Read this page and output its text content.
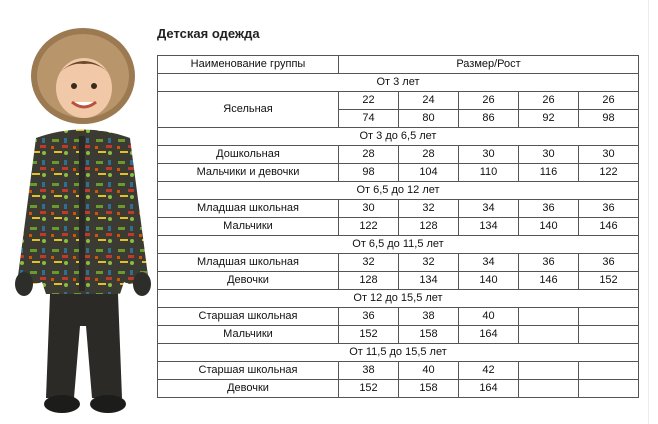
Детская одежда
Наименование группы	Размер/Рост				
От 3 лет					
Ясельная	22	24	26	26	26
	74	80	86	92	98
От 3 до 6,5 лет					
Дошкольная	28	28	30	30	30
Мальчики и девочки	98	104	110	116	122
От 6,5 до 12 лет					
Младшая школьная	30	32	34	36	36
Мальчики	122	128	134	140	146
От 6,5 до 11,5 лет					
Младшая школьная	32	32	34	36	36
Девочки	128	134	140	146	152
От 12 до 15,5 лет					
Старшая школьная	36	38	40		
Мальчики	152	158	164		
От 11,5 до 15,5 лет					
Старшая школьная	38	40	42		
Девочки	152	158	164		
